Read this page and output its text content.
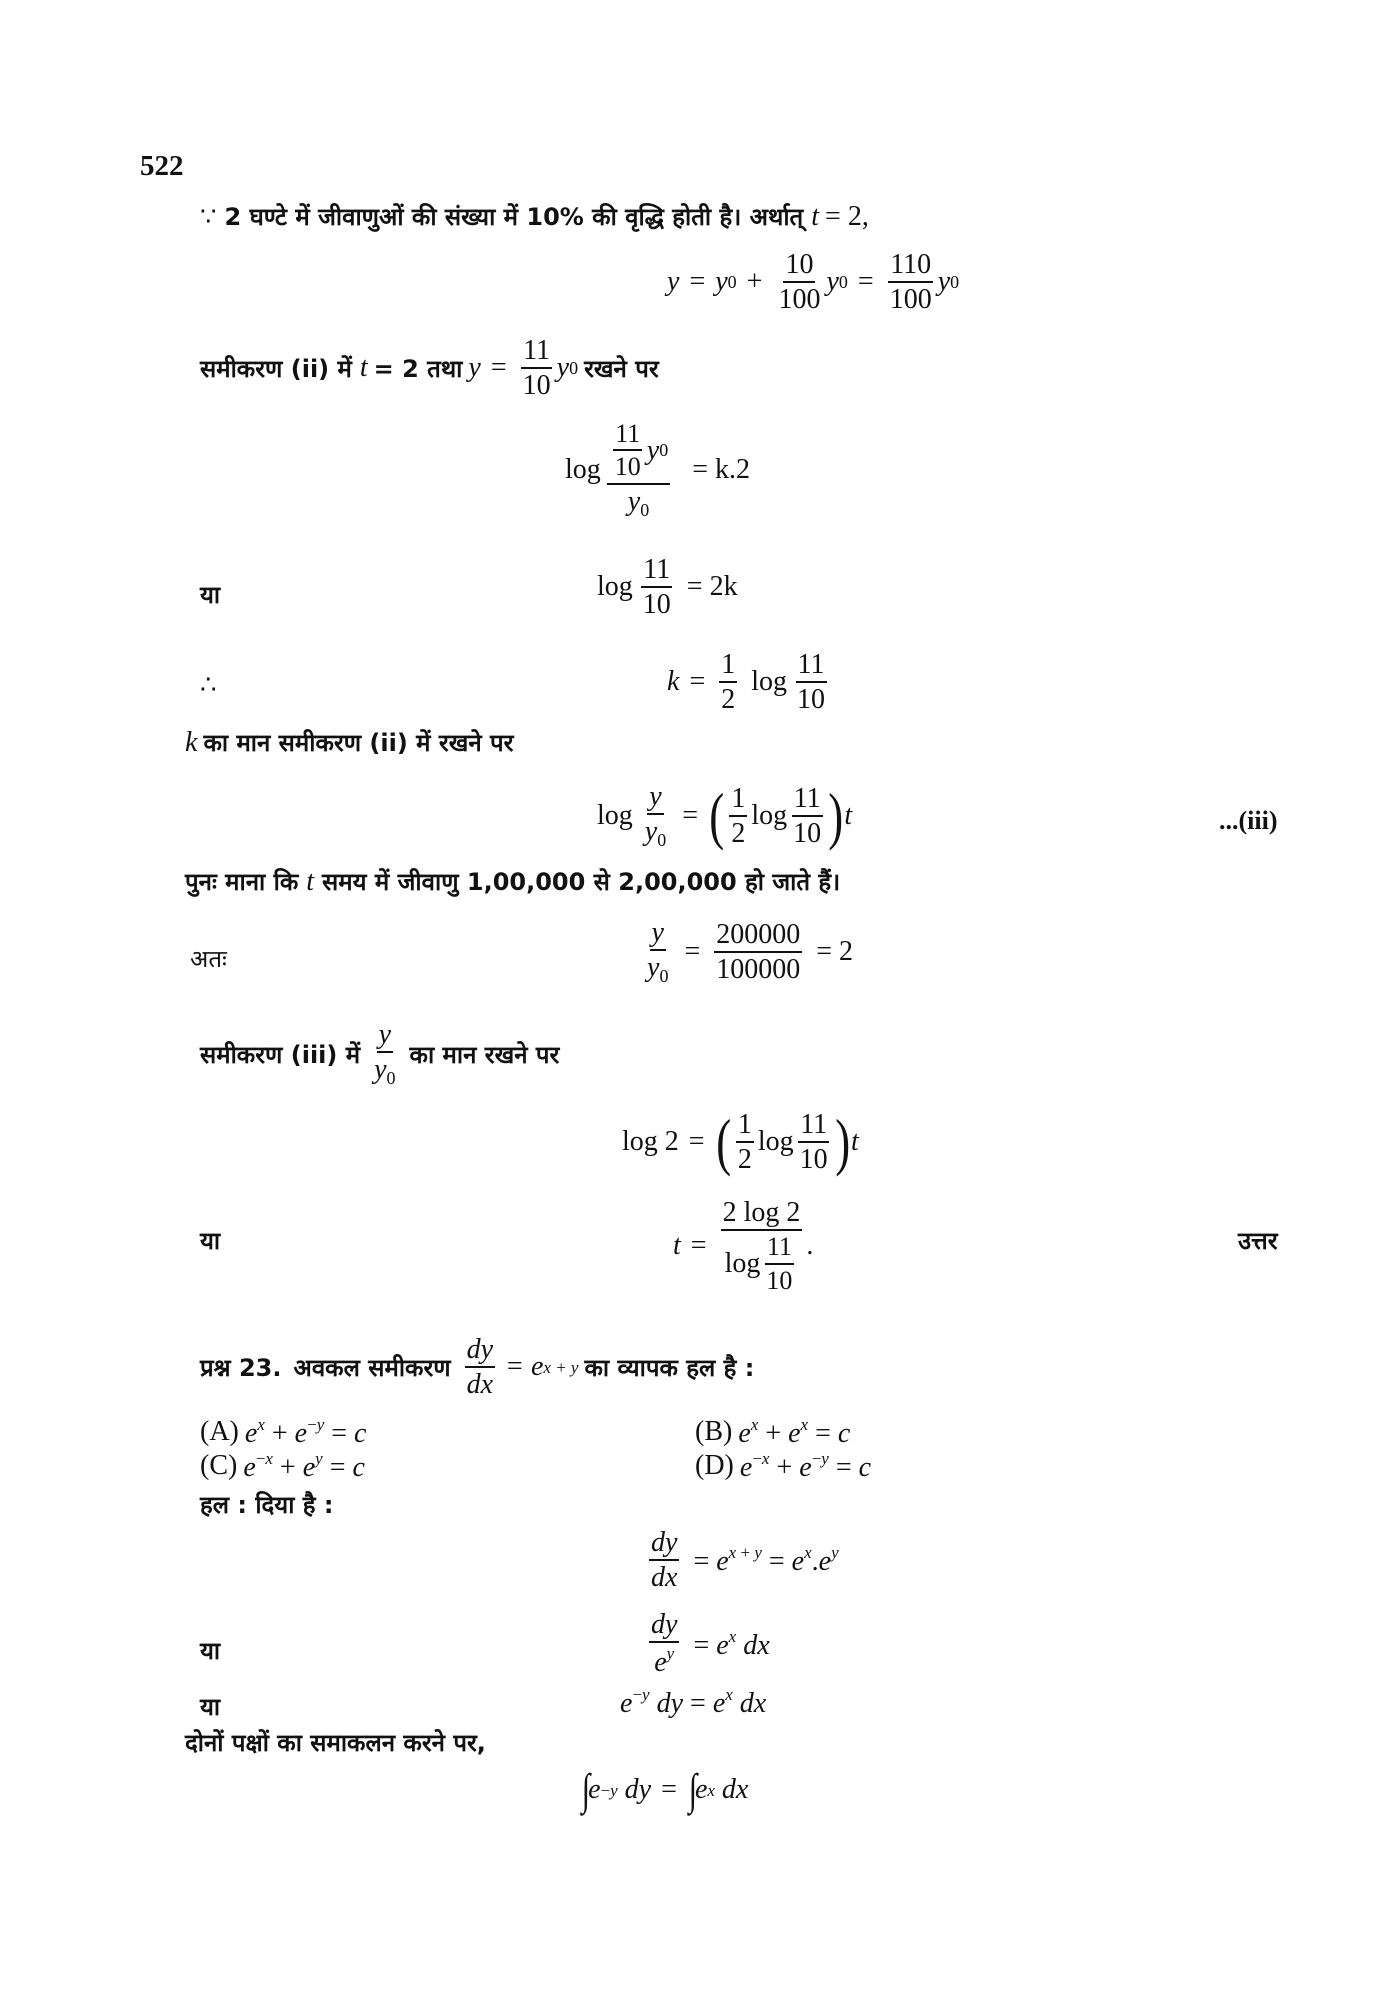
522
∵ 2 घण्टे में जीवाणुओं की संख्या में 10% की वृद्धि होती है। अर्थात् t = 2,
y = y $0 + \frac{10}{100}$ y $0 = \frac{110}{100}$ y 0
समीकरण (ii) में t = 2 तथा $y = \frac{11}{10}$ y 0 रखने पर
$\log \frac{\frac{11}{10} y 0}{y_0} = k.2$
या	$\log \frac{11}{10} = 2k$
∴	$k = \frac{1}{2}$ $\log \frac{11}{10}$
k का मान समीकरण (ii) में रखने पर
$\log \frac{y}{y_0}$ = ( $\frac{1}{2}$ $\log \frac{11}{10}$ ) t	...(iii)
पुनः माना कि t समय में जीवाणु 1,00,000 से 2,00,000 हो जाते हैं।
अतः	$\frac{y}{y_0} = \frac{200000}{100000} = 2$
समीकरण (iii) में $\frac{y}{y_0}$ का मान रखने पर
log 2 = ( $\frac{1}{2}$ $\log \frac{11}{10}$ ) t
या	$t = \frac{2 \log 2}{\log \frac{11}{10}}$ .	उत्तर
प्रश्न 23. अवकल समीकरण $\frac{dy}{dx} = e$ x + y का व्यापक हल है :
(A) $e^x + e^{-y} = c$	(B) $e^x + e^x = c$
(C) $e^{-x} + e^y = c$	(D) $e^{-x} + e^{-y} = c$
हल : दिया है :
$\frac{dy}{dx} = e^{x + y} = e^x.e^y$
या	$\frac{dy}{e^y} = e^x$ dx
या	$e^{-y}$ dy = $e^x$ dx
दोनों पक्षों का समाकलन करने पर,
∫
e −y
dy = ∫
e x
dx
